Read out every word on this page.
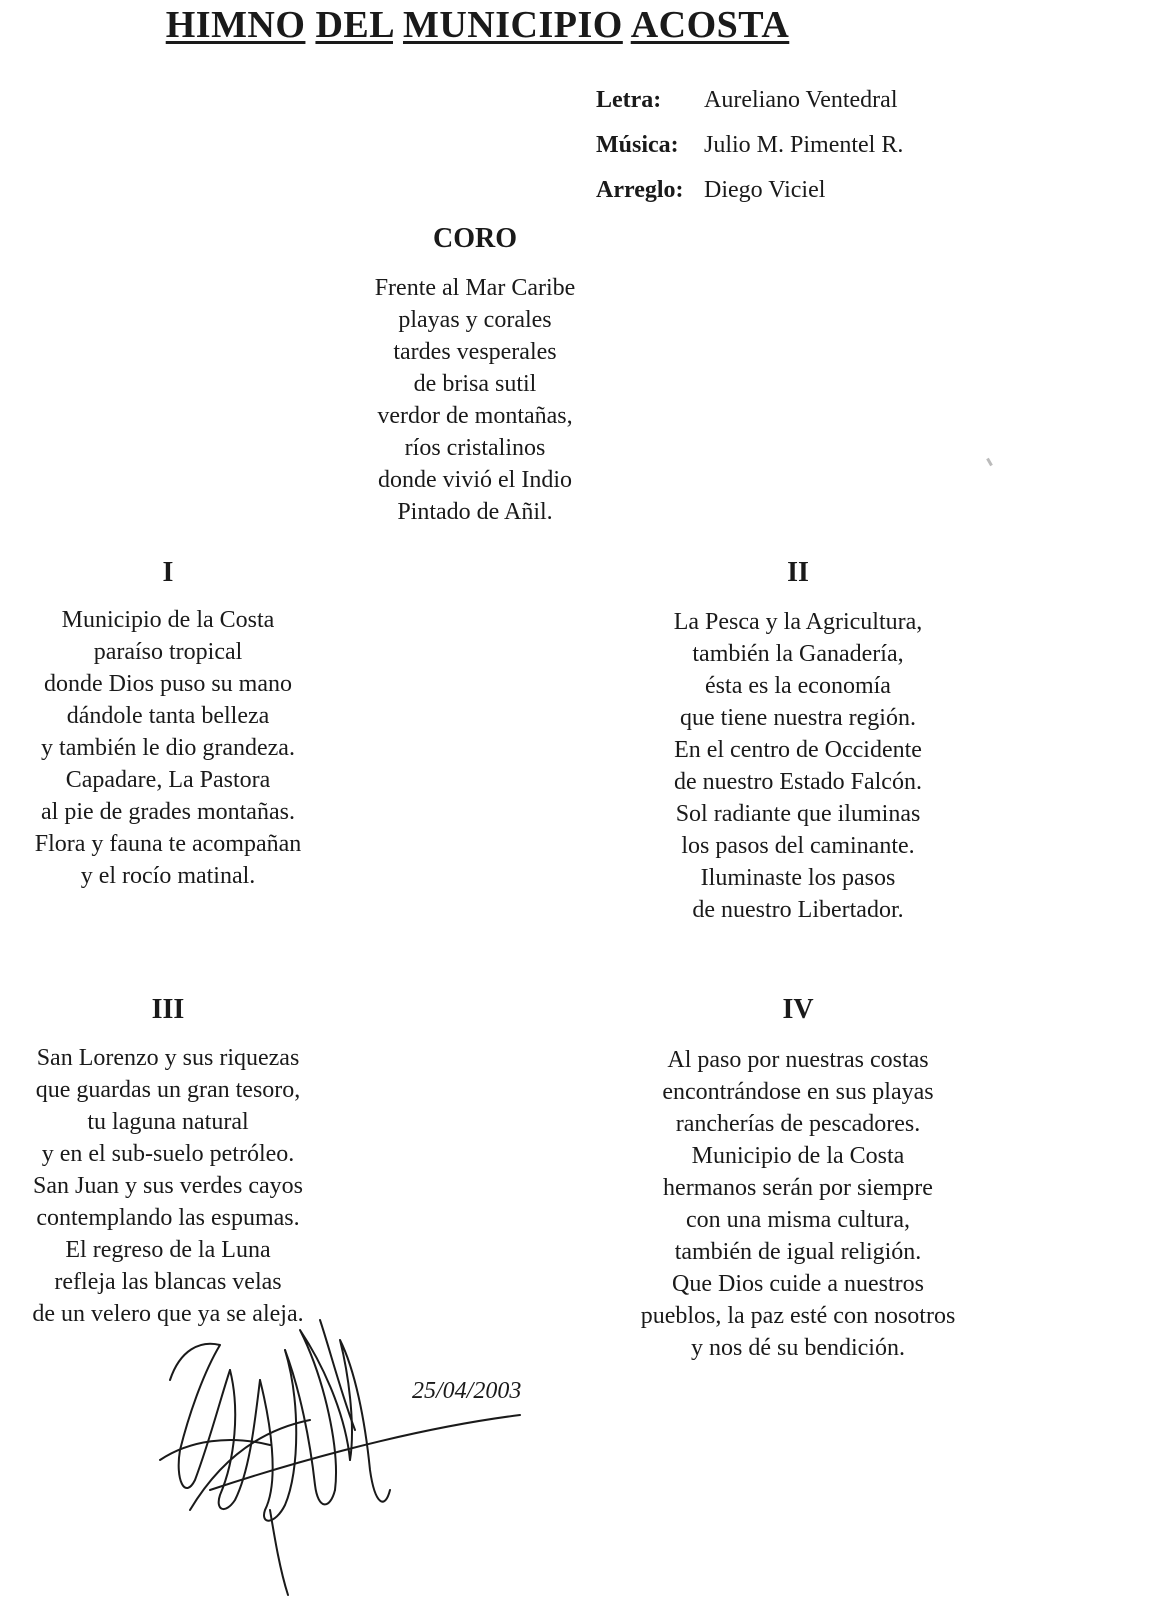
HIMNO DEL MUNICIPIO ACOSTA
Letra: Aureliano Ventedral
Música: Julio M. Pimentel R.
Arreglo: Diego Viciel
CORO
Frente al Mar Caribe
playas y corales
tardes vesperales
de brisa sutil
verdor de montañas,
ríos cristalinos
donde vivió el Indio
Pintado de Añil.
I
Municipio de la Costa
paraíso tropical
donde Dios puso su mano
dándole tanta belleza
y también le dio grandeza.
Capadare, La Pastora
al pie de grades montañas.
Flora y fauna te acompañan
y el rocío matinal.
II
La Pesca y la Agricultura,
también la Ganadería,
ésta es la economía
que tiene nuestra región.
En el centro de Occidente
de nuestro Estado Falcón.
Sol radiante que iluminas
los pasos del caminante.
Iluminaste los pasos
de nuestro Libertador.
III
San Lorenzo y sus riquezas
que guardas un gran tesoro,
tu laguna natural
y en el sub-suelo petróleo.
San Juan y sus verdes cayos
contemplando las espumas.
El regreso de la Luna
refleja las blancas velas
de un velero que ya se aleja.
IV
Al paso por nuestras costas
encontrándose en sus playas
rancherías de pescadores.
Municipio de la Costa
hermanos serán por siempre
con una misma cultura,
también de igual religión.
Que Dios cuide a nuestros
pueblos, la paz esté con nosotros
y nos dé su bendición.
25/04/2003
